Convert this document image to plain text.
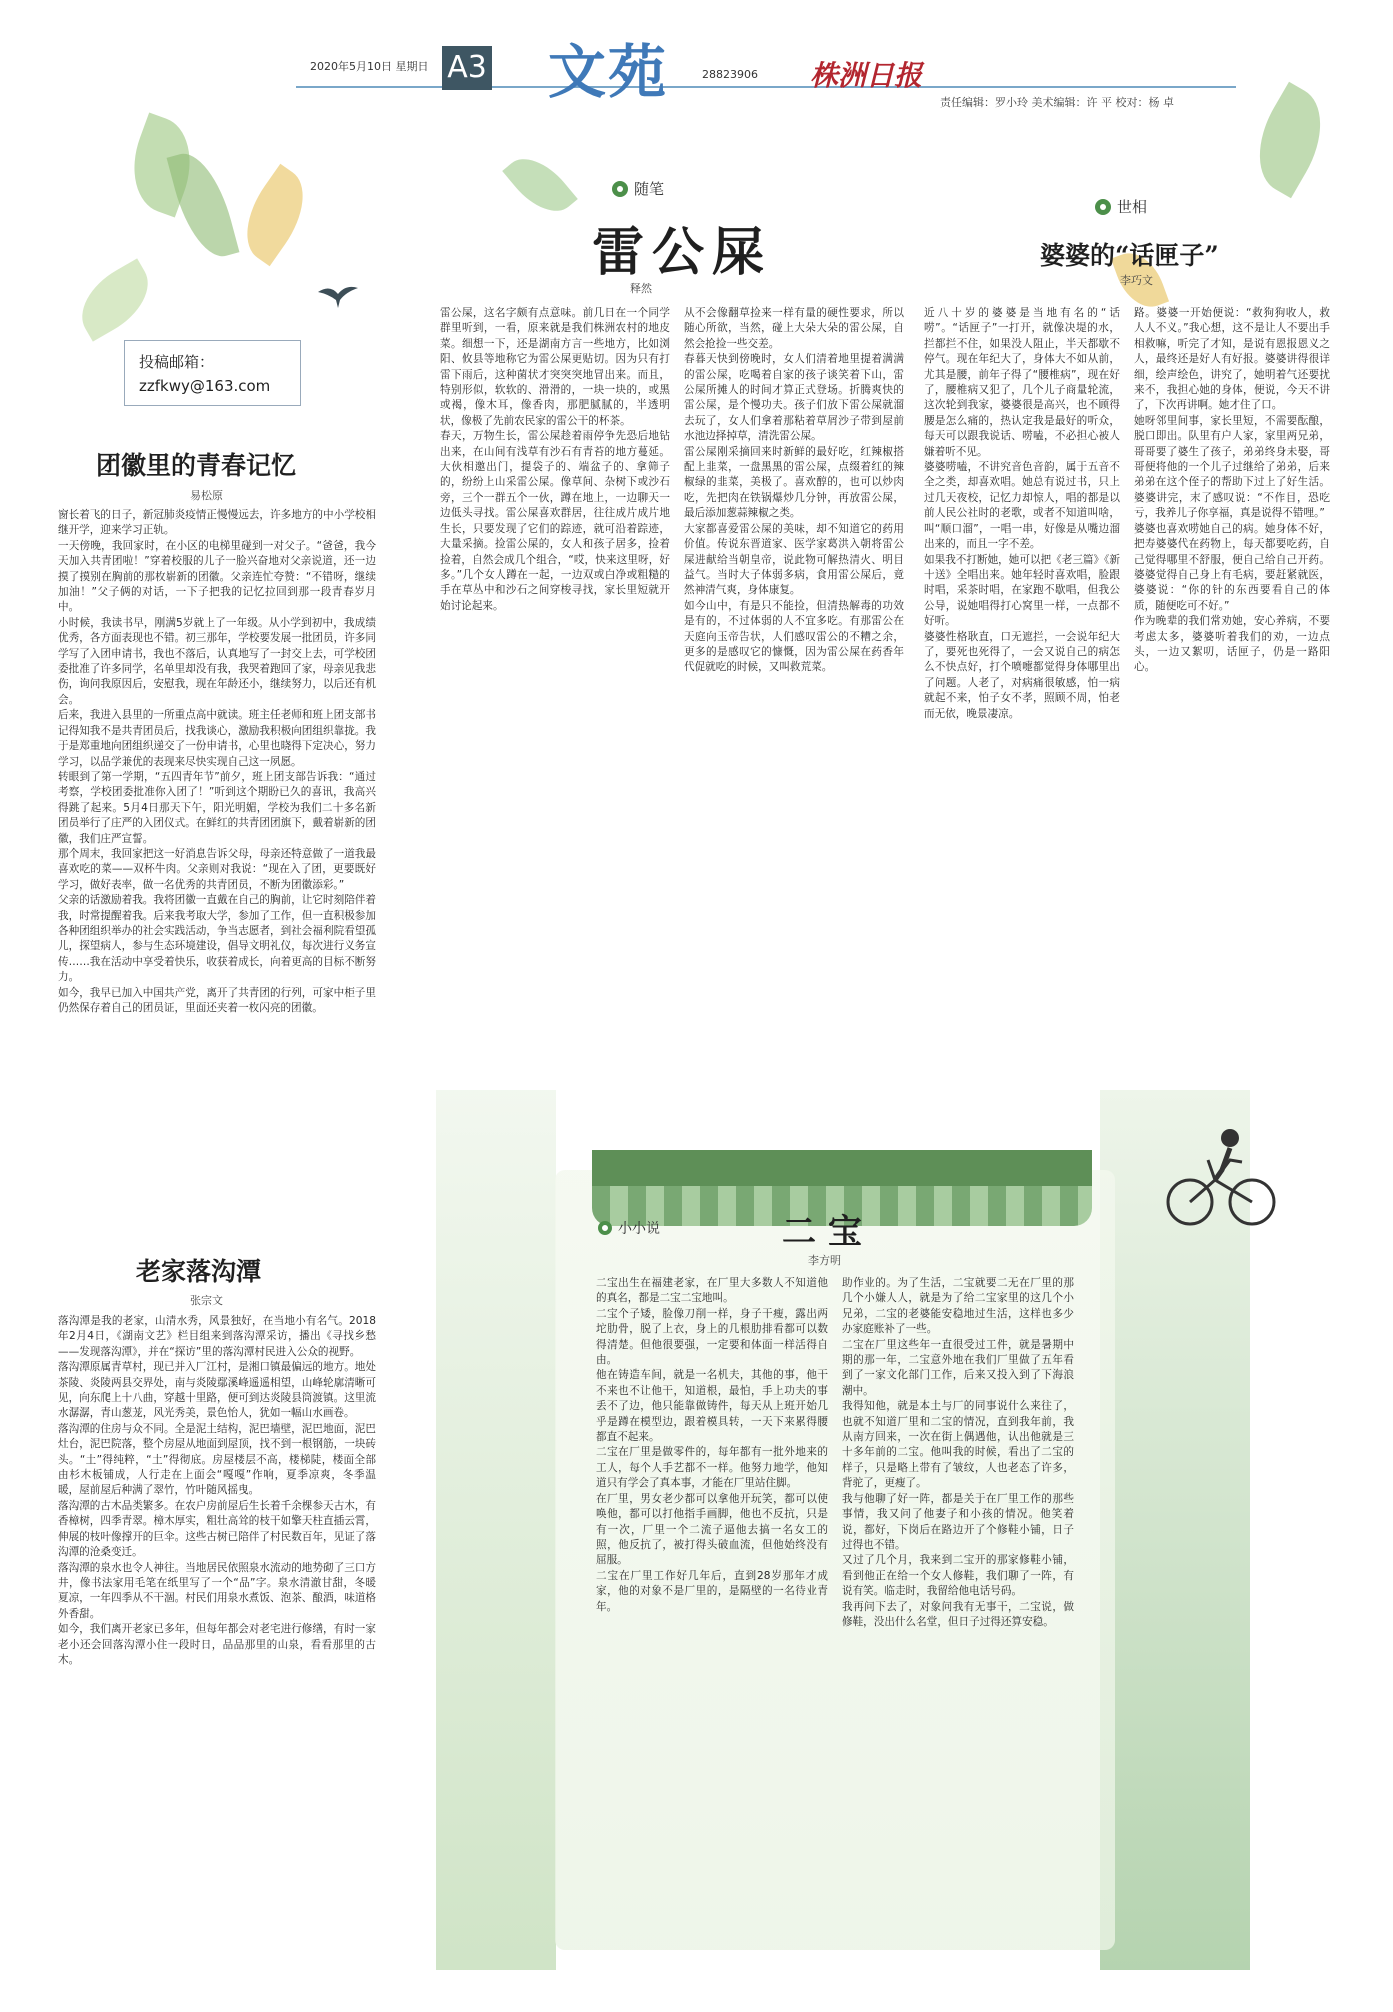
2020年5月10日 星期日 A3 文苑	28823906 株洲日报
责任编辑：罗小玲 美术编辑：许 平 校对：杨 卓
投稿邮箱：
zzfkwy@163.com
团徽里的青春记忆
易松原
窗长着飞的日子，新冠肺炎疫情正慢慢远去，许多地方的中小学校相继开学，迎来学习正轨。
一天傍晚，我回家时，在小区的电梯里碰到一对父子。“爸爸，我今天加入共青团啦！”穿着校服的儿子一脸兴奋地对父亲说道，还一边摸了摸别在胸前的那枚崭新的团徽。父亲连忙夸赞：“不错呀，继续加油！”父子俩的对话，一下子把我的记忆拉回到那一段青春岁月中。
小时候，我读书早，刚满5岁就上了一年级。从小学到初中，我成绩优秀，各方面表现也不错。初三那年，学校要发展一批团员，许多同学写了入团申请书，我也不落后，认真地写了一封交上去，可学校团委批准了许多同学，名单里却没有我，我哭着跑回了家，母亲见我悲伤，询问我原因后，安慰我，现在年龄还小，继续努力，以后还有机会。
后来，我进入县里的一所重点高中就读。班主任老师和班上团支部书记得知我不是共青团员后，找我谈心，激励我积极向团组织靠拢。我于是郑重地向团组织递交了一份申请书，心里也晓得下定决心，努力学习，以品学兼优的表现来尽快实现自己这一夙愿。
转眼到了第一学期，“五四青年节”前夕，班上团支部告诉我：“通过考察，学校团委批准你入团了！”听到这个期盼已久的喜讯，我高兴得跳了起来。5月4日那天下午，阳光明媚，学校为我们二十多名新团员举行了庄严的入团仪式。在鲜红的共青团团旗下，戴着崭新的团徽，我们庄严宣誓。
那个周末，我回家把这一好消息告诉父母，母亲还特意做了一道我最喜欢吃的菜——双杯牛肉。父亲则对我说：“现在入了团，更要既好学习，做好表率，做一名优秀的共青团员，不断为团徽添彩。”
父亲的话激励着我。我将团徽一直戴在自己的胸前，让它时刻陪伴着我，时常提醒着我。后来我考取大学，参加了工作，但一直积极参加各种团组织举办的社会实践活动，争当志愿者，到社会福利院看望孤儿，探望病人，参与生态环境建设，倡导文明礼仪，每次进行义务宣传……我在活动中享受着快乐，收获着成长，向着更高的目标不断努力。
如今，我早已加入中国共产党，离开了共青团的行列，可家中柜子里仍然保存着自己的团员证，里面还夹着一枚闪亮的团徽。
老家落沟潭
张宗文
落沟潭是我的老家，山清水秀，风景独好，在当地小有名气。2018年2月4日，《湖南文艺》栏目组来到落沟潭采访，播出《寻找乡愁——发现落沟潭》，并在“探访”里的落沟潭村民进入公众的视野。
落沟潭原属青草村，现已并入厂江村，是湘口镇最偏远的地方。地处茶陵、炎陵两县交界处，南与炎陵鄢溪峰遥遥相望，山峰轮廓清晰可见，向东爬上十八曲，穿越十里路，便可到达炎陵县筒渡镇。这里流水潺潺，青山葱茏，风光秀美，景色怡人，犹如一幅山水画卷。
落沟潭的住房与众不同。全是泥土结构，泥巴墙壁，泥巴地面，泥巴灶台，泥巴院落，整个房屋从地面到屋顶，找不到一根钢筋，一块砖头。“土”得纯粹，“土”得彻底。房屋楼层不高，楼梯陡，楼面全部由杉木板铺成，人行走在上面会“嘎嘎”作响，夏季凉爽，冬季温暖，屋前屋后种满了翠竹，竹叶随风摇曳。
落沟潭的古木品类繁多。在农户房前屋后生长着千余棵参天古木，有香樟树，四季青翠。樟木厚实，粗壮高耸的枝干如擎天柱直插云霄，伸展的枝叶像撑开的巨伞。这些古树已陪伴了村民数百年，见证了落沟潭的沧桑变迁。
落沟潭的泉水也令人神往。当地居民依照泉水流动的地势砌了三口方井，像书法家用毛笔在纸里写了一个“品”字。泉水清澈甘甜，冬暖夏凉，一年四季从不干涸。村民们用泉水煮饭、泡茶、酿酒，味道格外香甜。
如今，我们离开老家已多年，但每年都会对老宅进行修缮，有时一家老小还会回落沟潭小住一段时日，品品那里的山泉，看看那里的古木。
随笔
雷公屎
释然
雷公屎，这名字颇有点意味。前几日在一个同学群里听到，一看，原来就是我们株洲农村的地皮菜。细想一下，还是湖南方言一些地方，比如浏阳、攸县等地称它为雷公屎更贴切。因为只有打雷下雨后，这种菌状才突突突地冒出来。而且，特别形似，软软的、滑滑的，一块一块的，或黑或褐，像木耳，像香肉，那肥腻腻的，半透明状，像极了先前农民家的雷公干的杯茶。
春天，万物生长，雷公屎趁着雨停争先恐后地钻出来，在山间有浅草有沙石有青苔的地方蔓延。大伙相邀出门，提袋子的、端盆子的、拿筛子的，纷纷上山采雷公屎。像草间、杂树下或沙石旁，三个一群五个一伙，蹲在地上，一边聊天一边低头寻找。雷公屎喜欢群居，往往成片成片地生长，只要发现了它们的踪迹，就可沿着踪迹，大量采摘。捡雷公屎的，女人和孩子居多，捡着捡着，自然会成几个组合，“哎，快来这里呀，好多。”几个女人蹲在一起，一边双或白净或粗糙的手在草丛中和沙石之间穿梭寻找，家长里短就开始讨论起来。
从不会像翻草捡来一样有量的硬性要求，所以随心所欲，当然，碰上大朵大朵的雷公屎，自然会抢捡一些交差。
春暮天快到傍晚时，女人们清着地里提着满满的雷公屎，吃喝着自家的孩子谈笑着下山，雷公屎所摊人的时间才算正式登场。折腾爽快的雷公屎，是个慢功夫。孩子们放下雷公屎就溜去玩了，女人们拿着那粘着草屑沙子带到屋前水池边择掉草，清洗雷公屎。
雷公屎刚采摘回来时新鲜的最好吃，红辣椒搭配上韭菜，一盘黑黑的雷公屎，点缀着红的辣椒绿的韭菜，美极了。喜欢醇的，也可以炒肉吃，先把肉在铁锅爆炒几分钟，再放雷公屎，最后添加葱蒜辣椒之类。
大家都喜爱雷公屎的美味，却不知道它的药用价值。传说东晋道家、医学家葛洪入朝将雷公屎进献给当朝皇帝，说此物可解热清火、明目益气。当时大子体弱多病，食用雷公屎后，竟然神清气爽，身体康复。
如今山中，有是只不能捡，但清热解毒的功效是有的，不过体弱的人不宜多吃。有那雷公在天庭向玉帝告状，人们感叹雷公的不糟之余，更多的是感叹它的慷慨，因为雷公屎在药香年代促就吃的时候，又叫救荒菜。
世相
婆婆的“话匣子”
李巧文
近八十岁的婆婆是当地有名的“话唠”。“话匣子”一打开，就像决堤的水，拦都拦不住，如果没人阻止，半天都歇不停气。现在年纪大了，身体大不如从前，尤其是腰，前年子得了“腰椎病”，现在好了，腰椎病又犯了，几个儿子商量轮流，这次轮到我家，婆婆很是高兴，也不顾得腰是怎么痛的，热认定我是最好的听众，每天可以跟我说话、唠嗑，不必担心被人嫌着听不见。
婆婆唠嗑，不讲究音色音韵，属于五音不全之类，却喜欢唱。她总有说过书，只上过几天夜校，记忆力却惊人，唱的都是以前人民公社时的老歌，或者不知道叫啥，叫“顺口溜”，一唱一串，好像是从嘴边溜出来的，而且一字不差。
如果我不打断她，她可以把《老三篇》《新十送》全唱出来。她年轻时喜欢唱，脸跟时唱，采茶时唱，在家跑不歇唱，但我公公导，说她唱得打心窝里一样，一点都不好听。
婆婆性格耿直，口无遮拦，一会说年纪大了，要死也死得了，一会又说自己的病怎么不快点好，打个喷嚏都觉得身体哪里出了问题。人老了，对病痛很敏感，怕一病就起不来，怕子女不孝，照顾不周，怕老而无依，晚景凄凉。
路。婆婆一开始便说：“救狗狗收人，救人人不义。”我心想，这不是让人不要出手相救嘛，听完了才知，是说有恩报恩义之人，最终还是好人有好报。婆婆讲得很详细，绘声绘色，讲究了，她明着气还要扰来不，我担心她的身体，便说，今天不讲了，下次再讲啊。她才住了口。
她呀邻里间事，家长里短，不需要酝酿，脱口即出。队里有户人家，家里两兄弟，哥哥要了婆生了孩子，弟弟终身未娶，哥哥便将他的一个儿子过继给了弟弟，后来弟弟在这个侄子的帮助下过上了好生活。婆婆讲完，末了感叹说：“不作目，恐吃亏，我养儿子你享福，真是说得不错哩。”
婆婆也喜欢唠她自己的病。她身体不好，把寿婆婆代在药物上，每天都要吃药，自己觉得哪里不舒服，便自己给自己开药。婆婆觉得自己身上有毛病，要赶紧就医，婆婆说：“你的针的东西要看自己的体质，随便吃可不好。”
作为晚辈的我们常劝她，安心养病，不要考虑太多，婆婆听着我们的劝，一边点头，一边又絮叨，话匣子，仍是一路阳心。
小小说	二 宝
李方明
二宝出生在福建老家，在厂里大多数人不知道他的真名，都是二宝二宝地叫。
二宝个子矮，脸像刀削一样，身子干瘦，露出两坨肋骨，脱了上衣，身上的几根肋排看都可以数得清楚。但他很要强，一定要和体面一样活得自由。
他在铸造车间，就是一名机夫，其他的事，他干不来也不让他干，知道根，最怕，手上功夫的事丢不了边，他只能靠做铸件，每天从上班开始几乎是蹲在模型边，跟着模具转，一天下来累得腰都直不起来。
二宝在厂里是做零件的，每年都有一批外地来的工人，每个人手艺都不一样。他努力地学，他知道只有学会了真本事，才能在厂里站住脚。
在厂里，男女老少都可以拿他开玩笑，都可以使唤他，都可以打他指手画脚，他也不反抗，只是有一次，厂里一个二流子逼他去搞一名女工的照，他反抗了，被打得头破血流，但他始终没有屈服。
二宝在厂里工作好几年后，直到28岁那年才成家，他的对象不是厂里的，是隔壁的一名待业青年。
助作业的。为了生活，二宝就要二无在厂里的那几个小嫌人人，就是为了给二宝家里的这几个小兄弟，二宝的老婆能安稳地过生活，这样也多少办家庭账补了一些。
二宝在厂里这些年一直很受过工件，就是暑期中期的那一年，二宝意外地在我们厂里做了五年看到了一家文化部门工作，后来又投入到了下海浪潮中。
我得知他，就是本土与厂的同事说什么来往了，也就不知道厂里和二宝的情况，直到我年前，我从南方回来，一次在街上偶遇他，认出他就是三十多年前的二宝。他叫我的时候，看出了二宝的样子，只是略上带有了皱纹，人也老态了许多，背驼了，更瘦了。
我与他聊了好一阵，都是关于在厂里工作的那些事情，我又问了他妻子和小孩的情况。他笑着说，都好，下岗后在路边开了个修鞋小铺，日子过得也不错。
又过了几个月，我来到二宝开的那家修鞋小铺，看到他正在给一个女人修鞋，我们聊了一阵，有说有笑。临走时，我留给他电话号码。
我再问下去了，对象问我有无事干，二宝说，做修鞋，没出什么名堂，但日子过得还算安稳。
